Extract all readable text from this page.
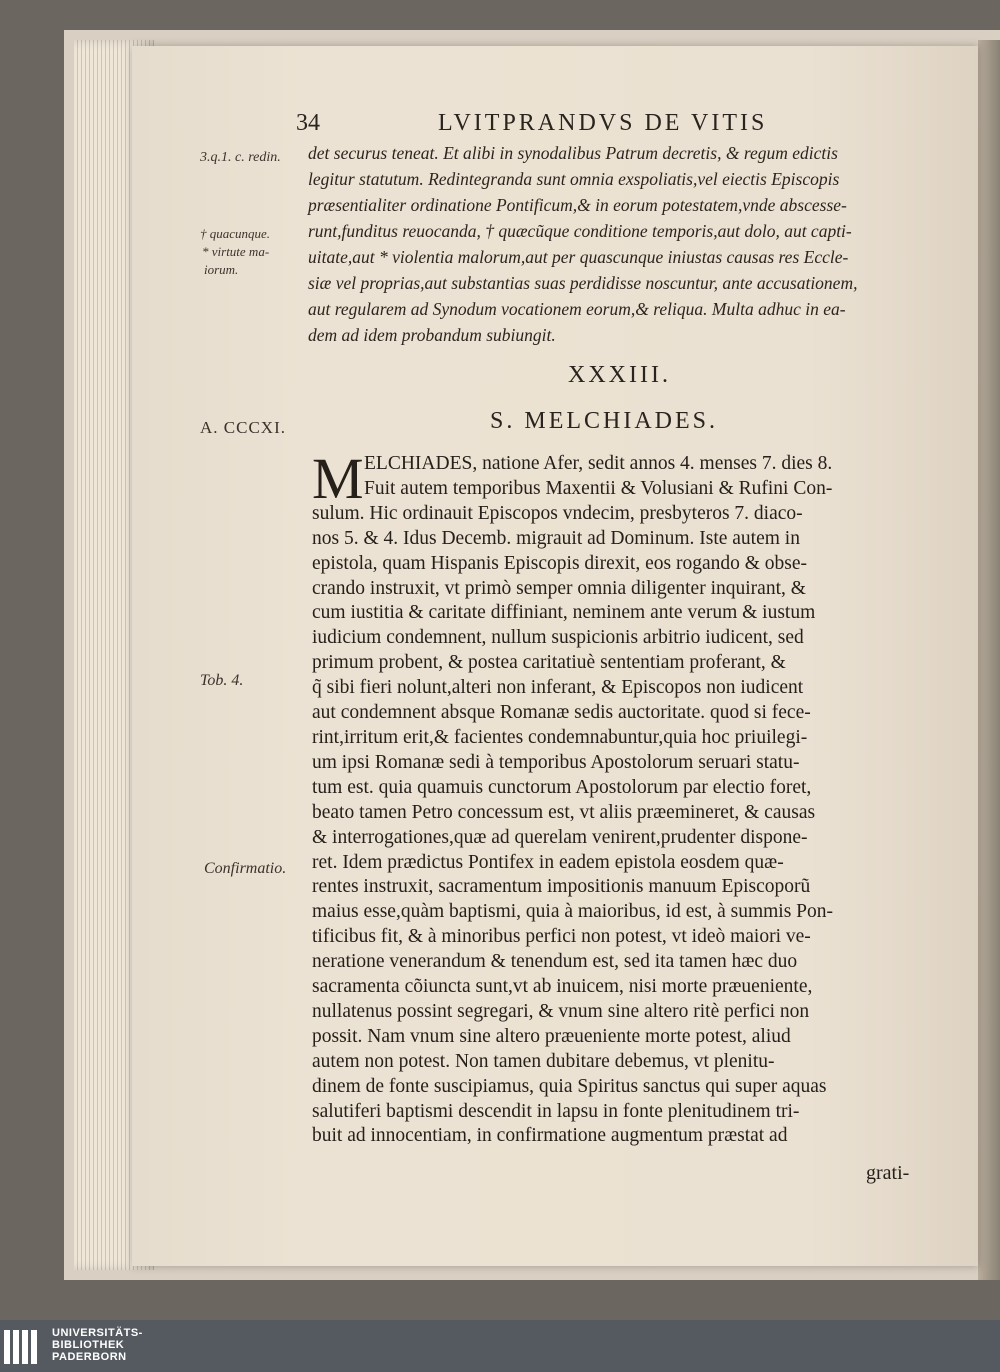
34	LVITPRANDVS DE VITIS
det securus teneat. Et alibi in synodalibus Patrum decretis, & regum edictis
legitur statutum. Redintegranda sunt omnia exspoliatis,vel eiectis Episcopis
præsentialiter ordinatione Pontificum,& in eorum potestatem,vnde abscesse-
runt,funditus reuocanda, † quæcũque conditione temporis,aut dolo, aut capti-
uitate,aut * violentia malorum,aut per quascunque iniustas causas res Eccle-
siæ vel proprias,aut substantias suas perdidisse noscuntur, ante accusationem,
aut regularem ad Synodum vocationem eorum,& reliqua. Multa adhuc in ea-
dem ad idem probandum subiungit.
3.q.1. c. redin.
† quacunque.
* virtute ma-
iorum.
A. CCCXI.
Tob. 4.
Confirmatio.
XXXIII.
S. MELCHIADES.
M ELCHIADES, natione Afer, sedit annos 4. menses 7. dies 8.
Fuit autem temporibus Maxentii & Volusiani & Rufini Con-
sulum. Hic ordinauit Episcopos vndecim, presbyteros 7. diaco-
nos 5. & 4. Idus Decemb. migrauit ad Dominum. Iste autem in
epistola, quam Hispanis Episcopis direxit, eos rogando & obse-
crando instruxit, vt primò semper omnia diligenter inquirant, &
cum iustitia & caritate diffiniant, neminem ante verum & iustum
iudicium condemnent, nullum suspicionis arbitrio iudicent, sed
primum probent, & postea caritatiuè sententiam proferant, &
q̃ sibi fieri nolunt,alteri non inferant, & Episcopos non iudicent
aut condemnent absque Romanæ sedis auctoritate. quod si fece-
rint,irritum erit,& facientes condemnabuntur,quia hoc priuilegi-
um ipsi Romanæ sedi à temporibus Apostolorum seruari statu-
tum est. quia quamuis cunctorum Apostolorum par electio foret,
beato tamen Petro concessum est, vt aliis præemineret, & causas
& interrogationes,quæ ad querelam venirent,prudenter dispone-
ret. Idem prædictus Pontifex in eadem epistola eosdem quæ-
rentes instruxit, sacramentum impositionis manuum Episcoporũ
maius esse,quàm baptismi, quia à maioribus, id est, à summis Pon-
tificibus fit, & à minoribus perfici non potest, vt ideò maiori ve-
neratione venerandum & tenendum est, sed ita tamen hæc duo
sacramenta cõiuncta sunt,vt ab inuicem, nisi morte præueniente,
nullatenus possint segregari, & vnum sine altero ritè perfici non
possit. Nam vnum sine altero præueniente morte potest, aliud
autem non potest. Non tamen dubitare debemus, vt plenitu-
dinem de fonte suscipiamus, quia Spiritus sanctus qui super aquas
salutiferi baptismi descendit in lapsu in fonte plenitudinem tri-
buit ad innocentiam, in confirmatione augmentum præstat ad
grati-
UNIVERSITÄTS-
BIBLIOTHEK
PADERBORN
